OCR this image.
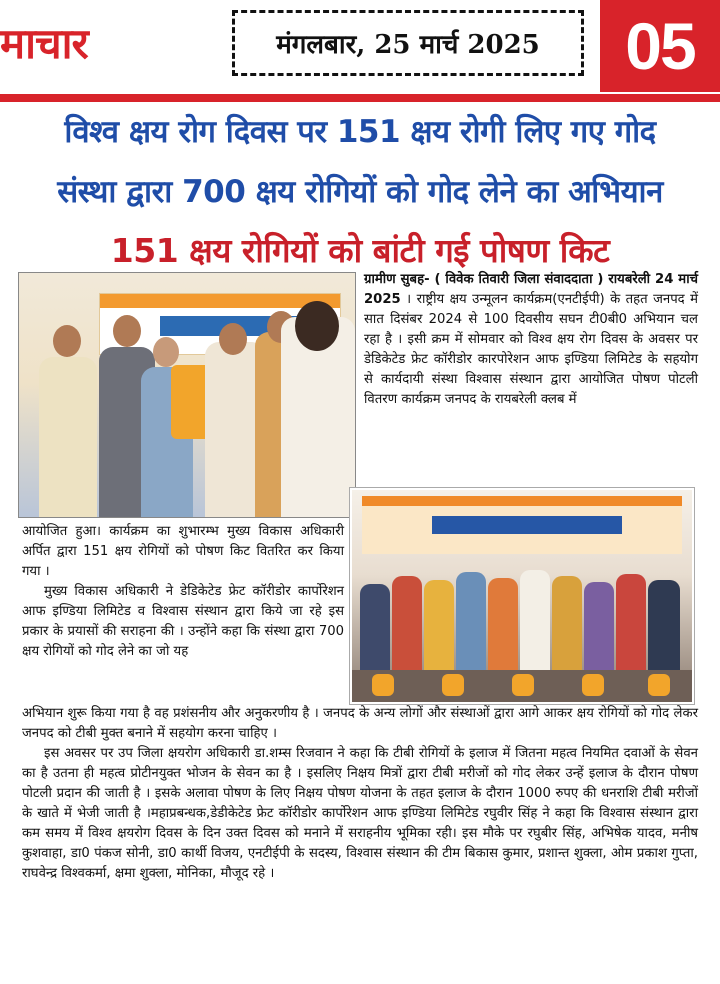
माचार	मंगलबार, 25 मार्च 2025	05
विश्व क्षय रोग दिवस पर 151 क्षय रोगी लिए गए गोद
संस्था द्वारा 700 क्षय रोगियों को गोद लेने का अभियान
151 क्षय रोगियों को बांटी गई पोषण किट

ग्रामीण सुबह- ( विवेक तिवारी जिला संवाददाता ) रायबरेली 24 मार्च 2025 । राष्ट्रीय क्षय उन्मूलन कार्यक्रम(एनटीईपी) के तहत जनपद में सात दिसंबर 2024 से 100 दिवसीय सघन टी0बी0 अभियान चल रहा है । इसी क्रम में सोमवार को विश्व क्षय रोग दिवस के अवसर पर डेडिकेटेड फ्रेट कॉरीडोर कारपोरेशन आफ इण्डिया लिमिटेड के सहयोग से कार्यदायी संस्था विश्वास संस्थान द्वारा आयोजित पोषण पोटली वितरण कार्यक्रम जनपद के रायबरेली क्लब में

आयोजित हुआ। कार्यक्रम का शुभारम्भ मुख्य विकास अधिकारी अर्पित द्वारा 151 क्षय रोगियों को पोषण किट वितरित कर किया गया ।

मुख्य विकास अधिकारी ने डेडिकेटेड फ्रेट कॉरीडोर कार्पोरेशन आफ इण्डिया लिमिटेड व विश्वास संस्थान द्वारा किये जा रहे इस प्रकार के प्रयासों की सराहना की । उन्होंने कहा कि संस्था द्वारा 700 क्षय रोगियों को गोद लेने का जो यह

अभियान शुरू किया गया है वह प्रशंसनीय और अनुकरणीय है । जनपद के अन्य लोगों और संस्थाओं द्वारा आगे आकर क्षय रोगियों को गोद लेकर जनपद को टीबी मुक्त बनाने में सहयोग करना चाहिए ।

इस अवसर पर उप जिला क्षयरोग अधिकारी डा.शम्स रिजवान ने कहा कि टीबी रोगियों के इलाज में जितना महत्व नियमित दवाओं के सेवन का है उतना ही महत्व प्रोटीनयुक्त भोजन के सेवन का है । इसलिए निक्षय मित्रों द्वारा टीबी मरीजों को गोद लेकर उन्हें इलाज के दौरान पोषण पोटली प्रदान की जाती है । इसके अलावा पोषण के लिए निक्षय पोषण योजना के तहत इलाज के दौरान 1000 रुपए की धनराशि टीबी मरीजों के खाते में भेजी जाती है ।महाप्रबन्धक,डेडीकेटेड फ्रेट कॉरीडोर कार्पोरेशन आफ इण्डिया लिमिटेड रघुवीर सिंह ने कहा कि विश्वास संस्थान द्वारा कम समय में विश्व क्षयरोग दिवस के दिन उक्त दिवस को मनाने में सराहनीय भूमिका रही। इस मौके पर रघुबीर सिंह, अभिषेक यादव, मनीष कुशवाहा, डा0 पंकज सोनी, डा0 कार्थी विजय, एनटीईपी के सदस्य, विश्वास संस्थान की टीम बिकास कुमार, प्रशान्त शुक्ला, ओम प्रकाश गुप्ता, राघवेन्द्र विश्वकर्मा, क्षमा शुक्ला, मोनिका, मौजूद रहे ।
